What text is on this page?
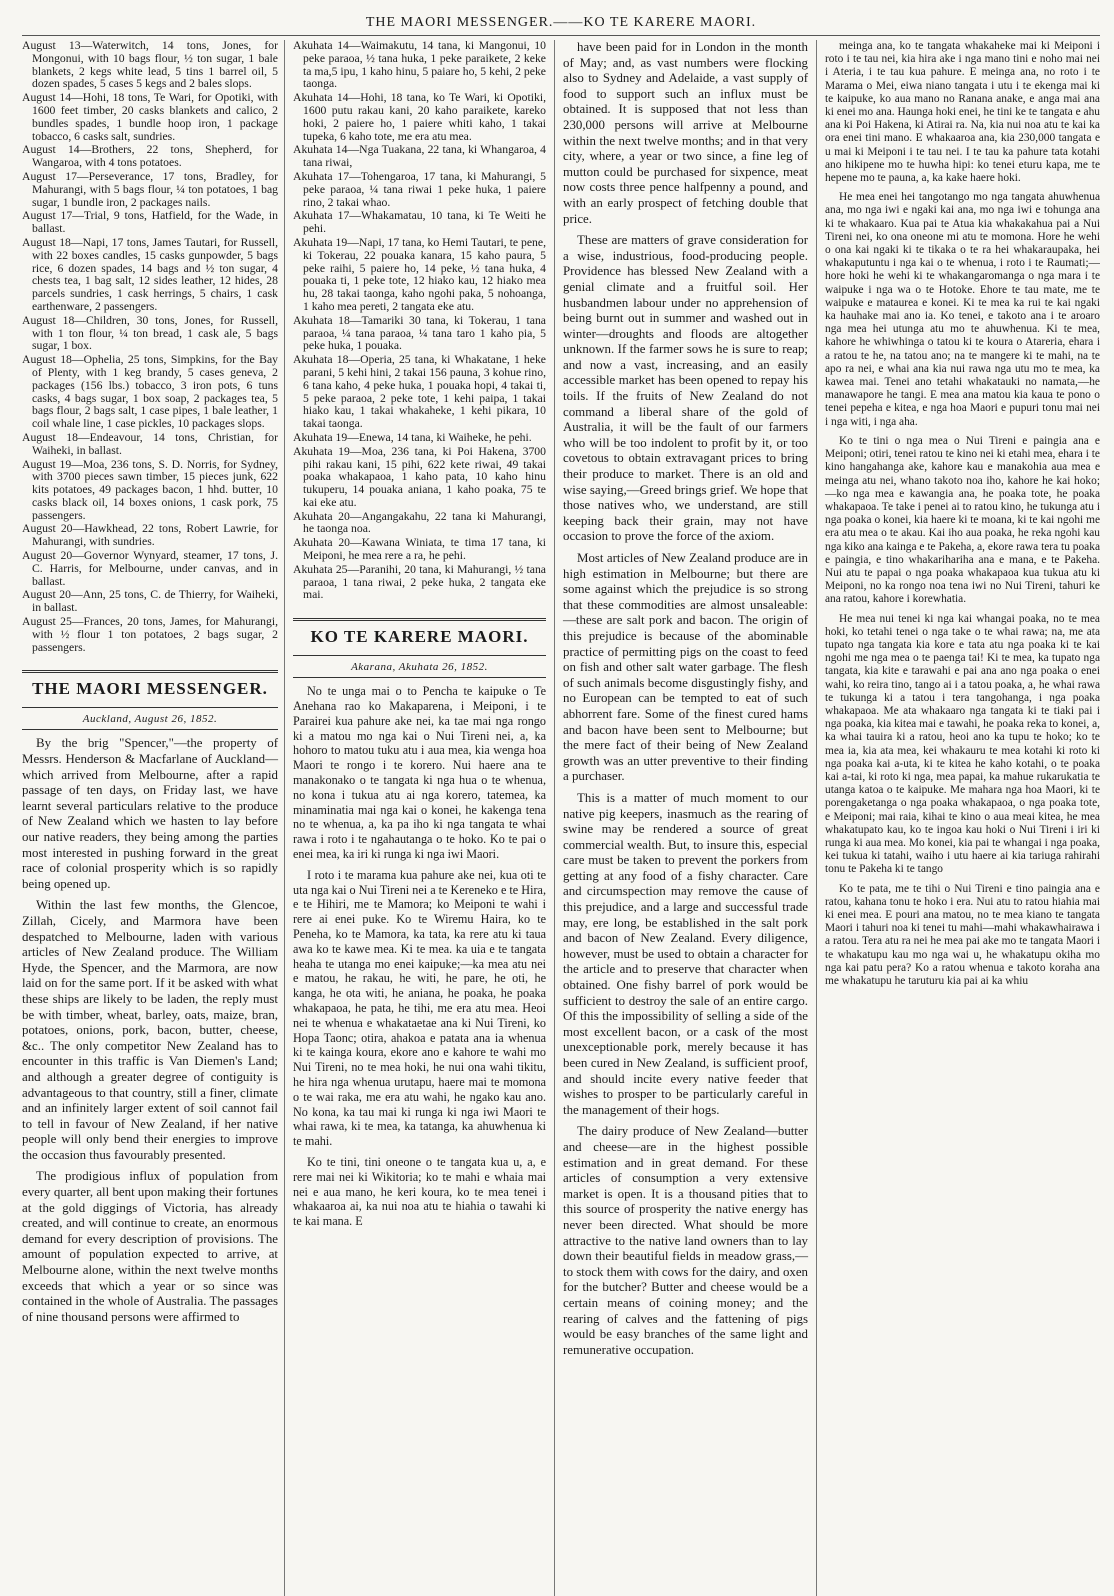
THE MAORI MESSENGER.——KO TE KARERE MAORI.

August 13—Waterwitch, 14 tons, Jones, for Mongonui, with 10 bags flour, ½ ton sugar, 1 bale blankets, 2 kegs white lead, 5 tins 1 barrel oil, 5 dozen spades, 5 cases 5 kegs and 2 bales slops.

August 14—Hohi, 18 tons, Te Wari, for Opotiki, with 1600 feet timber, 20 casks blankets and calico, 2 bundles spades, 1 bundle hoop iron, 1 package tobacco, 6 casks salt, sundries.

August 14—Brothers, 22 tons, Shepherd, for Wangaroa, with 4 tons potatoes.

August 17—Perseverance, 17 tons, Bradley, for Mahurangi, with 5 bags flour, ¼ ton potatoes, 1 bag sugar, 1 bundle iron, 2 packages nails.

August 17—Trial, 9 tons, Hatfield, for the Wade, in ballast.

August 18—Napi, 17 tons, James Tautari, for Russell, with 22 boxes candles, 15 casks gunpowder, 5 bags rice, 6 dozen spades, 14 bags and ½ ton sugar, 4 chests tea, 1 bag salt, 12 sides leather, 12 hides, 28 parcels sundries, 1 cask herrings, 5 chairs, 1 cask earthenware, 2 passengers.

August 18—Children, 30 tons, Jones, for Russell, with 1 ton flour, ¼ ton bread, 1 cask ale, 5 bags sugar, 1 box.

August 18—Ophelia, 25 tons, Simpkins, for the Bay of Plenty, with 1 keg brandy, 5 cases geneva, 2 packages (156 lbs.) tobacco, 3 iron pots, 6 tuns casks, 4 bags sugar, 1 box soap, 2 packages tea, 5 bags flour, 2 bags salt, 1 case pipes, 1 bale leather, 1 coil whale line, 1 case pickles, 10 packages slops.

August 18—Endeavour, 14 tons, Christian, for Waiheki, in ballast.

August 19—Moa, 236 tons, S. D. Norris, for Sydney, with 3700 pieces sawn timber, 15 pieces junk, 622 kits potatoes, 49 packages bacon, 1 hhd. butter, 10 casks black oil, 14 boxes onions, 1 cask pork, 75 passengers.

August 20—Hawkhead, 22 tons, Robert Lawrie, for Mahurangi, with sundries.

August 20—Governor Wynyard, steamer, 17 tons, J. C. Harris, for Melbourne, under canvas, and in ballast.

August 20—Ann, 25 tons, C. de Thierry, for Waiheki, in ballast.

August 25—Frances, 20 tons, James, for Mahurangi, with ½ flour 1 ton potatoes, 2 bags sugar, 2 passengers.

THE MAORI MESSENGER.
Auckland, August 26, 1852.

By the brig "Spencer,"—the property of Messrs. Henderson & Macfarlane of Auckland—which arrived from Melbourne, after a rapid passage of ten days, on Friday last, we have learnt several particulars relative to the produce of New Zealand which we hasten to lay before our native readers, they being among the parties most interested in pushing forward in the great race of colonial prosperity which is so rapidly being opened up.

Within the last few months, the Glencoe, Zillah, Cicely, and Marmora have been despatched to Melbourne, laden with various articles of New Zealand produce. The William Hyde, the Spencer, and the Marmora, are now laid on for the same port. If it be asked with what these ships are likely to be laden, the reply must be with timber, wheat, barley, oats, maize, bran, potatoes, onions, pork, bacon, butter, cheese, &c.. The only competitor New Zealand has to encounter in this traffic is Van Diemen's Land; and although a greater degree of contiguity is advantageous to that country, still a finer, climate and an infinitely larger extent of soil cannot fail to tell in favour of New Zealand, if her native people will only bend their energies to improve the occasion thus favourably presented.

The prodigious influx of population from every quarter, all bent upon making their fortunes at the gold diggings of Victoria, has already created, and will continue to create, an enormous demand for every description of provisions. The amount of population expected to arrive, at Melbourne alone, within the next twelve months exceeds that which a year or so since was contained in the whole of Australia. The passages of nine thousand persons were affirmed to

Akuhata 14—Waimakutu, 14 tana, ki Mangonui, 10 peke paraoa, ½ tana huka, 1 peke paraikete, 2 keke ta ma,5 ipu, 1 kaho hinu, 5 paiare ho, 5 kehi, 2 peke taonga.

Akuhata 14—Hohi, 18 tana, ko Te Wari, ki Opotiki, 1600 putu rakau kani, 20 kaho paraikete, kareko hoki, 2 paiere ho, 1 paiere whiti kaho, 1 takai tupeka, 6 kaho tote, me era atu mea.

Akuhata 14—Nga Tuakana, 22 tana, ki Whangaroa, 4 tana riwai,

Akuhata 17—Tohengaroa, 17 tana, ki Mahurangi, 5 peke paraoa, ¼ tana riwai 1 peke huka, 1 paiere rino, 2 takai whao.

Akuhata 17—Whakamatau, 10 tana, ki Te Weiti he pehi.

Akuhata 19—Napi, 17 tana, ko Hemi Tautari, te pene, ki Tokerau, 22 pouaka kanara, 15 kaho paura, 5 peke raihi, 5 paiere ho, 14 peke, ½ tana huka, 4 pouaka ti, 1 peke tote, 12 hiako kau, 12 hiako mea hu, 28 takai taonga, kaho ngohi paka, 5 nohoanga, 1 kaho mea pereti, 2 tangata eke atu.

Akuhata 18—Tamariki 30 tana, ki Tokerau, 1 tana paraoa, ¼ tana paraoa, ¼ tana taro 1 kaho pia, 5 peke huka, 1 pouaka.

Akuhata 18—Operia, 25 tana, ki Whakatane, 1 heke parani, 5 kehi hini, 2 takai 156 pauna, 3 kohue rino, 6 tana kaho, 4 peke huka, 1 pouaka hopi, 4 takai ti, 5 peke paraoa, 2 peke tote, 1 kehi paipa, 1 takai hiako kau, 1 takai whakaheke, 1 kehi pikara, 10 takai taonga.

Akuhata 19—Enewa, 14 tana, ki Waiheke, he pehi.

Akuhata 19—Moa, 236 tana, ki Poi Hakena, 3700 pihi rakau kani, 15 pihi, 622 kete riwai, 49 takai poaka whakapaoa, 1 kaho pata, 10 kaho hinu tukuperu, 14 pouaka aniana, 1 kaho poaka, 75 te kai eke atu.

Akuhata 20—Angangakahu, 22 tana ki Mahurangi, he taonga noa.

Akuhata 20—Kawana Winiata, te tima 17 tana, ki Meiponi, he mea rere a ra, he pehi.

Akuhata 25—Paranihi, 20 tana, ki Mahurangi, ½ tana paraoa, 1 tana riwai, 2 peke huka, 2 tangata eke mai.

KO TE KARERE MAORI.
Akarana, Akuhata 26, 1852.

No te unga mai o to Pencha te kaipuke o Te Anehana rao ko Makaparena, i Meiponi, i te Parairei kua pahure ake nei, ka tae mai nga rongo ki a matou mo nga kai o Nui Tireni nei, a, ka hohoro to matou tuku atu i aua mea, kia wenga hoa Maori te rongo i te korero. Nui haere ana te manakonako o te tangata ki nga hua o te whenua, no kona i tukua atu ai nga korero, tatemea, ka minaminatia mai nga kai o konei, he kakenga tena no te whenua, a, ka pa iho ki nga tangata te whai rawa i roto i te ngahautanga o te hoko. Ko te pai o enei mea, ka iri ki runga ki nga iwi Maori.

I roto i te marama kua pahure ake nei, kua oti te uta nga kai o Nui Tireni nei a te Kereneko e te Hira, e te Hihiri, me te Mamora; ko Meiponi te wahi i rere ai enei puke. Ko te Wiremu Haira, ko te Peneha, ko te Mamora, ka tata, ka rere atu ki taua awa ko te kawe mea. Ki te mea. ka uia e te tangata heaha te utanga mo enei kaipuke;—ka mea atu nei e matou, he rakau, he witi, he pare, he oti, he kanga, he ota witi, he aniana, he poaka, he poaka whakapaoa, he pata, he tihi, me era atu mea. Heoi nei te whenua e whakataetae ana ki Nui Tireni, ko Hopa Taonc; otira, ahakoa e patata ana ia whenua ki te kainga koura, ekore ano e kahore te wahi mo Nui Tireni, no te mea hoki, he nui ona wahi tikitu, he hira nga whenua urutapu, haere mai te momona o te wai raka, me era atu wahi, he ngako kau ano. No kona, ka tau mai ki runga ki nga iwi Maori te whai rawa, ki te mea, ka tatanga, ka ahuwhenua ki te mahi.

Ko te tini, tini oneone o te tangata kua u, a, e rere mai nei ki Wikitoria; ko te mahi e whaia mai nei e aua mano, he keri koura, ko te mea tenei i whakaaroa ai, ka nui noa atu te hiahia o tawahi ki te kai mana. E

have been paid for in London in the month of May; and, as vast numbers were flocking also to Sydney and Adelaide, a vast supply of food to support such an influx must be obtained. It is supposed that not less than 230,000 persons will arrive at Melbourne within the next twelve months; and in that very city, where, a year or two since, a fine leg of mutton could be purchased for sixpence, meat now costs three pence halfpenny a pound, and with an early prospect of fetching double that price.

These are matters of grave consideration for a wise, industrious, food-producing people. Providence has blessed New Zealand with a genial climate and a fruitful soil. Her husbandmen labour under no apprehension of being burnt out in summer and washed out in winter—droughts and floods are altogether unknown. If the farmer sows he is sure to reap; and now a vast, increasing, and an easily accessible market has been opened to repay his toils. If the fruits of New Zealand do not command a liberal share of the gold of Australia, it will be the fault of our farmers who will be too indolent to profit by it, or too covetous to obtain extravagant prices to bring their produce to market. There is an old and wise saying,—Greed brings grief. We hope that those natives who, we understand, are still keeping back their grain, may not have occasion to prove the force of the axiom.

Most articles of New Zealand produce are in high estimation in Melbourne; but there are some against which the prejudice is so strong that these commodities are almost unsaleable:—these are salt pork and bacon. The origin of this prejudice is because of the abominable practice of permitting pigs on the coast to feed on fish and other salt water garbage. The flesh of such animals become disgustingly fishy, and no European can be tempted to eat of such abhorrent fare. Some of the finest cured hams and bacon have been sent to Melbourne; but the mere fact of their being of New Zealand growth was an utter preventive to their finding a purchaser.

This is a matter of much moment to our native pig keepers, inasmuch as the rearing of swine may be rendered a source of great commercial wealth. But, to insure this, especial care must be taken to prevent the porkers from getting at any food of a fishy character. Care and circumspection may remove the cause of this prejudice, and a large and successful trade may, ere long, be established in the salt pork and bacon of New Zealand. Every diligence, however, must be used to obtain a character for the article and to preserve that character when obtained. One fishy barrel of pork would be sufficient to destroy the sale of an entire cargo. Of this the impossibility of selling a side of the most excellent bacon, or a cask of the most unexceptionable pork, merely because it has been cured in New Zealand, is sufficient proof, and should incite every native feeder that wishes to prosper to be particularly careful in the management of their hogs.

The dairy produce of New Zealand—butter and cheese—are in the highest possible estimation and in great demand. For these articles of consumption a very extensive market is open. It is a thousand pities that to this source of prosperity the native energy has never been directed. What should be more attractive to the native land owners than to lay down their beautiful fields in meadow grass,—to stock them with cows for the dairy, and oxen for the butcher? Butter and cheese would be a certain means of coining money; and the rearing of calves and the fattening of pigs would be easy branches of the same light and remunerative occupation.

meinga ana, ko te tangata whakaheke mai ki Meiponi i roto i te tau nei, kia hira ake i nga mano tini e noho mai nei i Ateria, i te tau kua pahure. E meinga ana, no roto i te Marama o Mei, eiwa niano tangata i utu i te ekenga mai ki te kaipuke, ko aua mano no Ranana anake, e anga mai ana ki enei mo ana. Haunga hoki enei, he tini ke te tangata e ahu ana ki Poi Hakena, ki Atirai ra. Na, kia nui noa atu te kai ka ora enei tini mano. E whakaaroa ana, kia 230,000 tangata e u mai ki Meiponi i te tau nei. I te tau ka pahure tata kotahi ano hikipene mo te huwha hipi: ko tenei eturu kapa, me te hepene mo te pauna, a, ka kake haere hoki.

He mea enei hei tangotango mo nga tangata ahuwhenua ana, mo nga iwi e ngaki kai ana, mo nga iwi e tohunga ana ki te whakaaro. Kua pai te Atua kia whakakahua pai a Nui Tireni nei, ko ona oneone mi atu te momona. Hore he wehi o ona kai ngaki ki te tikaka o te ra hei whakaraupaka, hei whakaputuntu i nga kai o te whenua, i roto i te Raumati;—hore hoki he wehi ki te whakangaromanga o nga mara i te waipuke i nga wa o te Hotoke. Ehore te tau mate, me te waipuke e mataurea e konei. Ki te mea ka rui te kai ngaki ka hauhake mai ano ia. Ko tenei, e takoto ana i te aroaro nga mea hei utunga atu mo te ahuwhenua. Ki te mea, kahore he whiwhinga o tatou ki te koura o Atareria, ehara i a ratou te he, na tatou ano; na te mangere ki te mahi, na te apo ra nei, e whai ana kia nui rawa nga utu mo te mea, ka kawea mai. Tenei ano tetahi whakatauki no namata,—he manawapore he tangi. E mea ana matou kia kaua te pono o tenei pepeha e kitea, e nga hoa Maori e pupuri tonu mai nei i nga witi, i nga aha.

Ko te tini o nga mea o Nui Tireni e paingia ana e Meiponi; otiri, tenei ratou te kino nei ki etahi mea, ehara i te kino hangahanga ake, kahore kau e manakohia aua mea e meinga atu nei, whano takoto noa iho, kahore he kai hoko;—ko nga mea e kawangia ana, he poaka tote, he poaka whakapaoa. Te take i penei ai to ratou kino, he tukunga atu i nga poaka o konei, kia haere ki te moana, ki te kai ngohi me era atu mea o te akau. Kai iho aua poaka, he reka ngohi kau nga kiko ana kainga e te Pakeha, a, ekore rawa tera tu poaka e paingia, e tino whakarihariha ana e mana, e te Pakeha. Nui atu te papai o nga poaka whakapaoa kua tukua atu ki Meiponi, no ka rongo noa tena iwi no Nui Tireni, tahuri ke ana ratou, kahore i korewhatia.

He mea nui tenei ki nga kai whangai poaka, no te mea hoki, ko tetahi tenei o nga take o te whai rawa; na, me ata tupato nga tangata kia kore e tata atu nga poaka ki te kai ngohi me nga mea o te paenga tai! Ki te mea, ka tupato nga tangata, kia kite e tarawahi e pai ana ano nga poaka o enei wahi, ko reira tino, tango ai i a tatou poaka, a, he whai rawa te tukunga ki a tatou i tera tangohanga, i nga poaka whakapaoa. Me ata whakaaro nga tangata ki te tiaki pai i nga poaka, kia kitea mai e tawahi, he poaka reka to konei, a, ka whai tauira ki a ratou, heoi ano ka tupu te hoko; ko te mea ia, kia ata mea, kei whakauru te mea kotahi ki roto ki nga poaka kai a-uta, ki te kitea he kaho kotahi, o te poaka kai a-tai, ki roto ki nga, mea papai, ka mahue rukarukatia te utanga katoa o te kaipuke. Me mahara nga hoa Maori, ki te porengaketanga o nga poaka whakapaoa, o nga poaka tote, e Meiponi; mai raia, kihai te kino o aua meai kitea, he mea whakatupato kau, ko te ingoa kau hoki o Nui Tireni i iri ki runga ki aua mea. Mo konei, kia pai te whangai i nga poaka, kei tukua ki tatahi, waiho i utu haere ai kia tariuga rahirahi tonu te Pakeha ki te tango

Ko te pata, me te tihi o Nui Tireni e tino paingia ana e ratou, kahana tonu te hoko i era. Nui atu to ratou hiahia mai ki enei mea. E pouri ana matou, no te mea kiano te tangata Maori i tahuri noa ki tenei tu mahi—mahi whakawhairawa i a ratou. Tera atu ra nei he mea pai ake mo te tangata Maori i te whakatupu kau mo nga wai u, he whakatupu okiha mo nga kai patu pera? Ko a ratou whenua e takoto koraha ana me whakatupu he taruturu kia pai ai ka whiu
